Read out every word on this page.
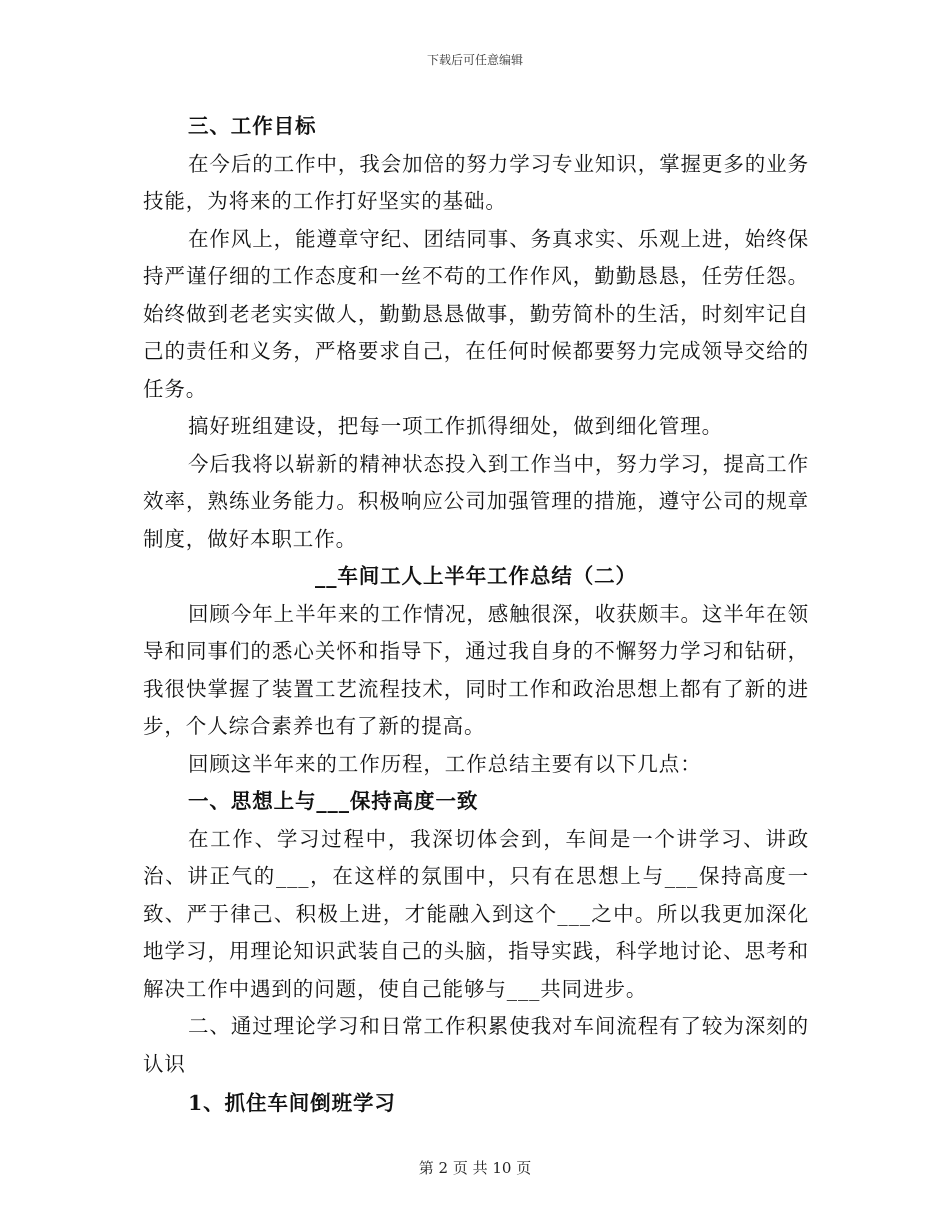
下载后可任意编辑

三、工作目标

在今后的工作中，我会加倍的努力学习专业知识，掌握更多的业务技能，为将来的工作打好坚实的基础。

在作风上，能遵章守纪、团结同事、务真求实、乐观上进，始终保持严谨仔细的工作态度和一丝不苟的工作作风，勤勤恳恳，任劳任怨。始终做到老老实实做人，勤勤恳恳做事，勤劳简朴的生活，时刻牢记自己的责任和义务，严格要求自己，在任何时候都要努力完成领导交给的任务。

搞好班组建设，把每一项工作抓得细处，做到细化管理。

今后我将以崭新的精神状态投入到工作当中，努力学习，提高工作效率，熟练业务能力。积极响应公司加强管理的措施，遵守公司的规章制度，做好本职工作。

__车间工人上半年工作总结（二）

回顾今年上半年来的工作情况，感触很深，收获颇丰。这半年在领导和同事们的悉心关怀和指导下，通过我自身的不懈努力学习和钻研，我很快掌握了装置工艺流程技术，同时工作和政治思想上都有了新的进步，个人综合素养也有了新的提高。

回顾这半年来的工作历程，工作总结主要有以下几点：

一、思想上与___保持高度一致

在工作、学习过程中，我深切体会到，车间是一个讲学习、讲政治、讲正气的___，在这样的氛围中，只有在思想上与___保持高度一致、严于律己、积极上进，才能融入到这个___之中。所以我更加深化地学习，用理论知识武装自己的头脑，指导实践，科学地讨论、思考和解决工作中遇到的问题，使自己能够与___共同进步。

二、通过理论学习和日常工作积累使我对车间流程有了较为深刻的认识

1、抓住车间倒班学习

第 2 页 共 10 页
